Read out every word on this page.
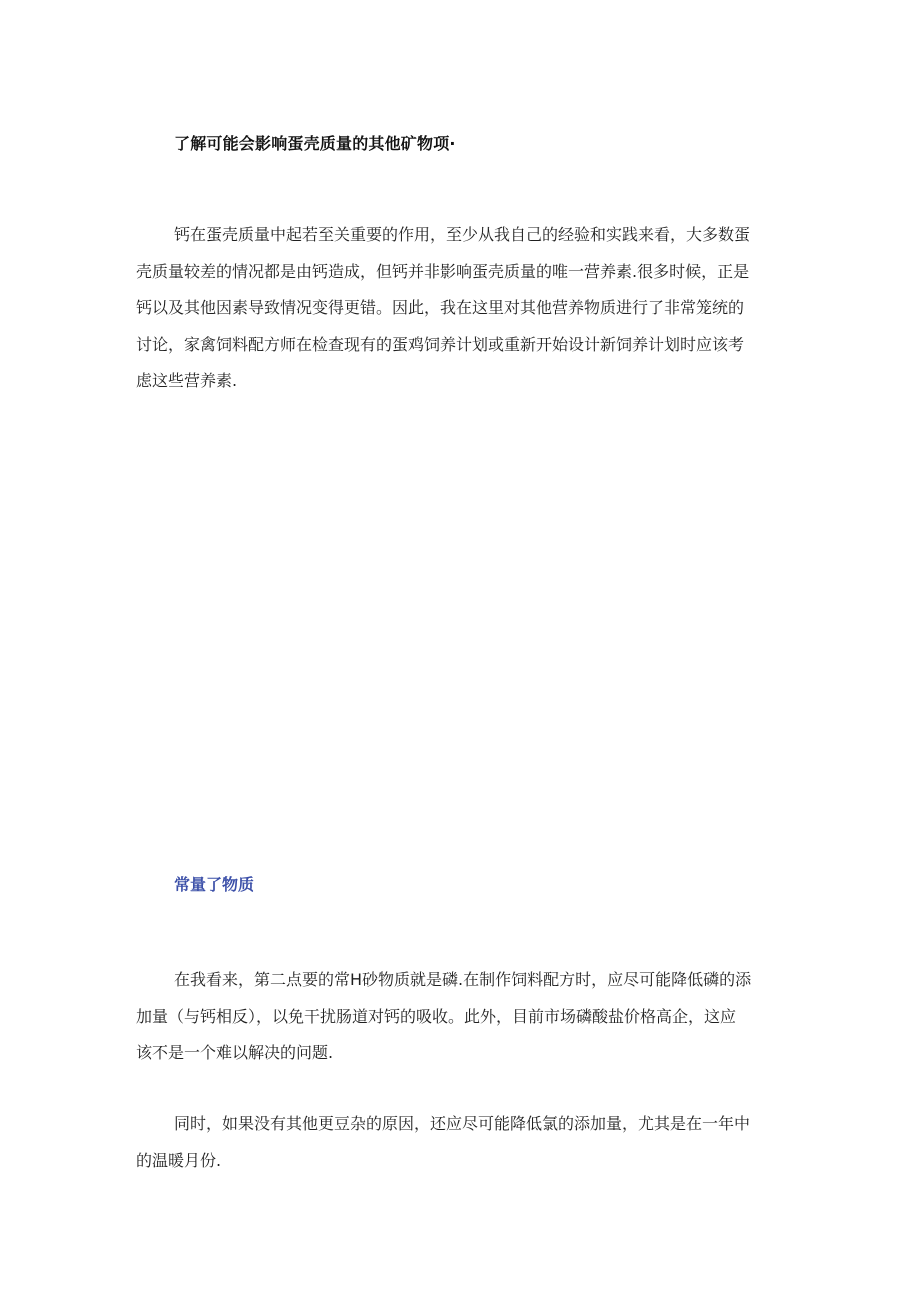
了解可能会影响蛋壳质量的其他矿物项·

钙在蛋壳质量中起若至关重要的作用，至少从我自己的经验和实践来看，大多数蛋
壳质量较差的情况都是由钙造成，但钙并非影响蛋壳质量的唯一营养素.很多时候，正是
钙以及其他因素导致情况变得更错。因此，我在这里对其他营养物质进行了非常笼统的
讨论，家禽饲料配方师在检查现有的蛋鸡饲养计划或重新开始设计新饲养计划时应该考
虑这些营养素.

常量了物质

在我看来，第二点要的常H砂物质就是磷.在制作饲料配方时，应尽可能降低磷的添
加量（与钙相反），以免干扰肠道对钙的吸收。此外，目前市场磷酸盐价格高企，这应
该不是一个难以解决的问题.

同时，如果没有其他更豆杂的原因，还应尽可能降低氯的添加量，尤其是在一年中
的温暖月份.
